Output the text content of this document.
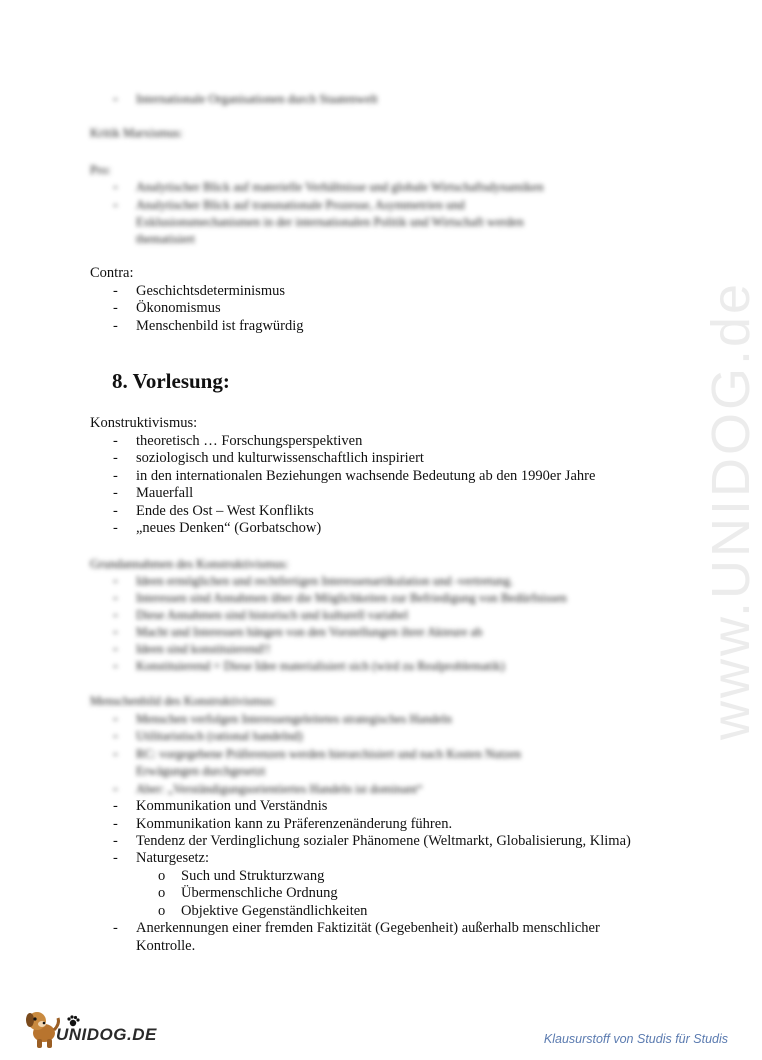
www.UNIDOG.de
- Internationale Organisationen durch Staatenwelt
Kritik Marxismus:
Pro:
- Analytischer Blick auf materielle Verhältnisse und globale Wirtschaftsdynamiken
- Analytischer Blick auf transnationale Prozesse, Asymmetrien und
Exklusionsmechanismen in der internationalen Politik und Wirtschaft werden
thematisiert
Contra:
- Geschichtsdeterminismus
- Ökonomismus
- Menschenbild ist fragwürdig
8. Vorlesung:
Konstruktivismus:
- theoretisch … Forschungsperspektiven
- soziologisch und kulturwissenschaftlich inspiriert
- in den internationalen Beziehungen wachsende Bedeutung ab den 1990er Jahre
- Mauerfall
- Ende des Ost – West Konflikts
- „neues Denken“ (Gorbatschow)
Grundannahmen des Konstruktivismus:
- Ideen ermöglichen und rechtfertigen Interessenartikulation und -vertretung.
- Interessen sind Annahmen über die Möglichkeiten zur Befriedigung von Bedürfnissen
- Diese Annahmen sind historisch und kulturell variabel
- Macht und Interessen hängen von den Vorstellungen ihrer Akteure ab
- Ideen sind konstituierend!!
- Konstituierend = Diese Idee materialisiert sich (wird zu Realproblematik)
Menschenbild des Konstruktivismus:
- Menschen verfolgen Interessengeleitetes strategisches Handeln
- Utilitaristisch (rational handelnd)
- RC: vorgegebene Präferenzen werden hierarchisiert und nach Kosten Nutzen
Erwägungen durchgesetzt
- Aber: „Verständigungsorientiertes Handeln ist dominant“
- Kommunikation und Verständnis
- Kommunikation kann zu Präferenzenänderung führen.
- Tendenz der Verdinglichung sozialer Phänomene (Weltmarkt, Globalisierung, Klima)
- Naturgesetz:
o Such und Strukturzwang
o Übermenschliche Ordnung
o Objektive Gegenständlichkeiten
- Anerkennungen einer fremden Faktizität (Gegebenheit) außerhalb menschlicher
Kontrolle.
UNIDOG.DE	Klausurstoff von Studis für Studis
